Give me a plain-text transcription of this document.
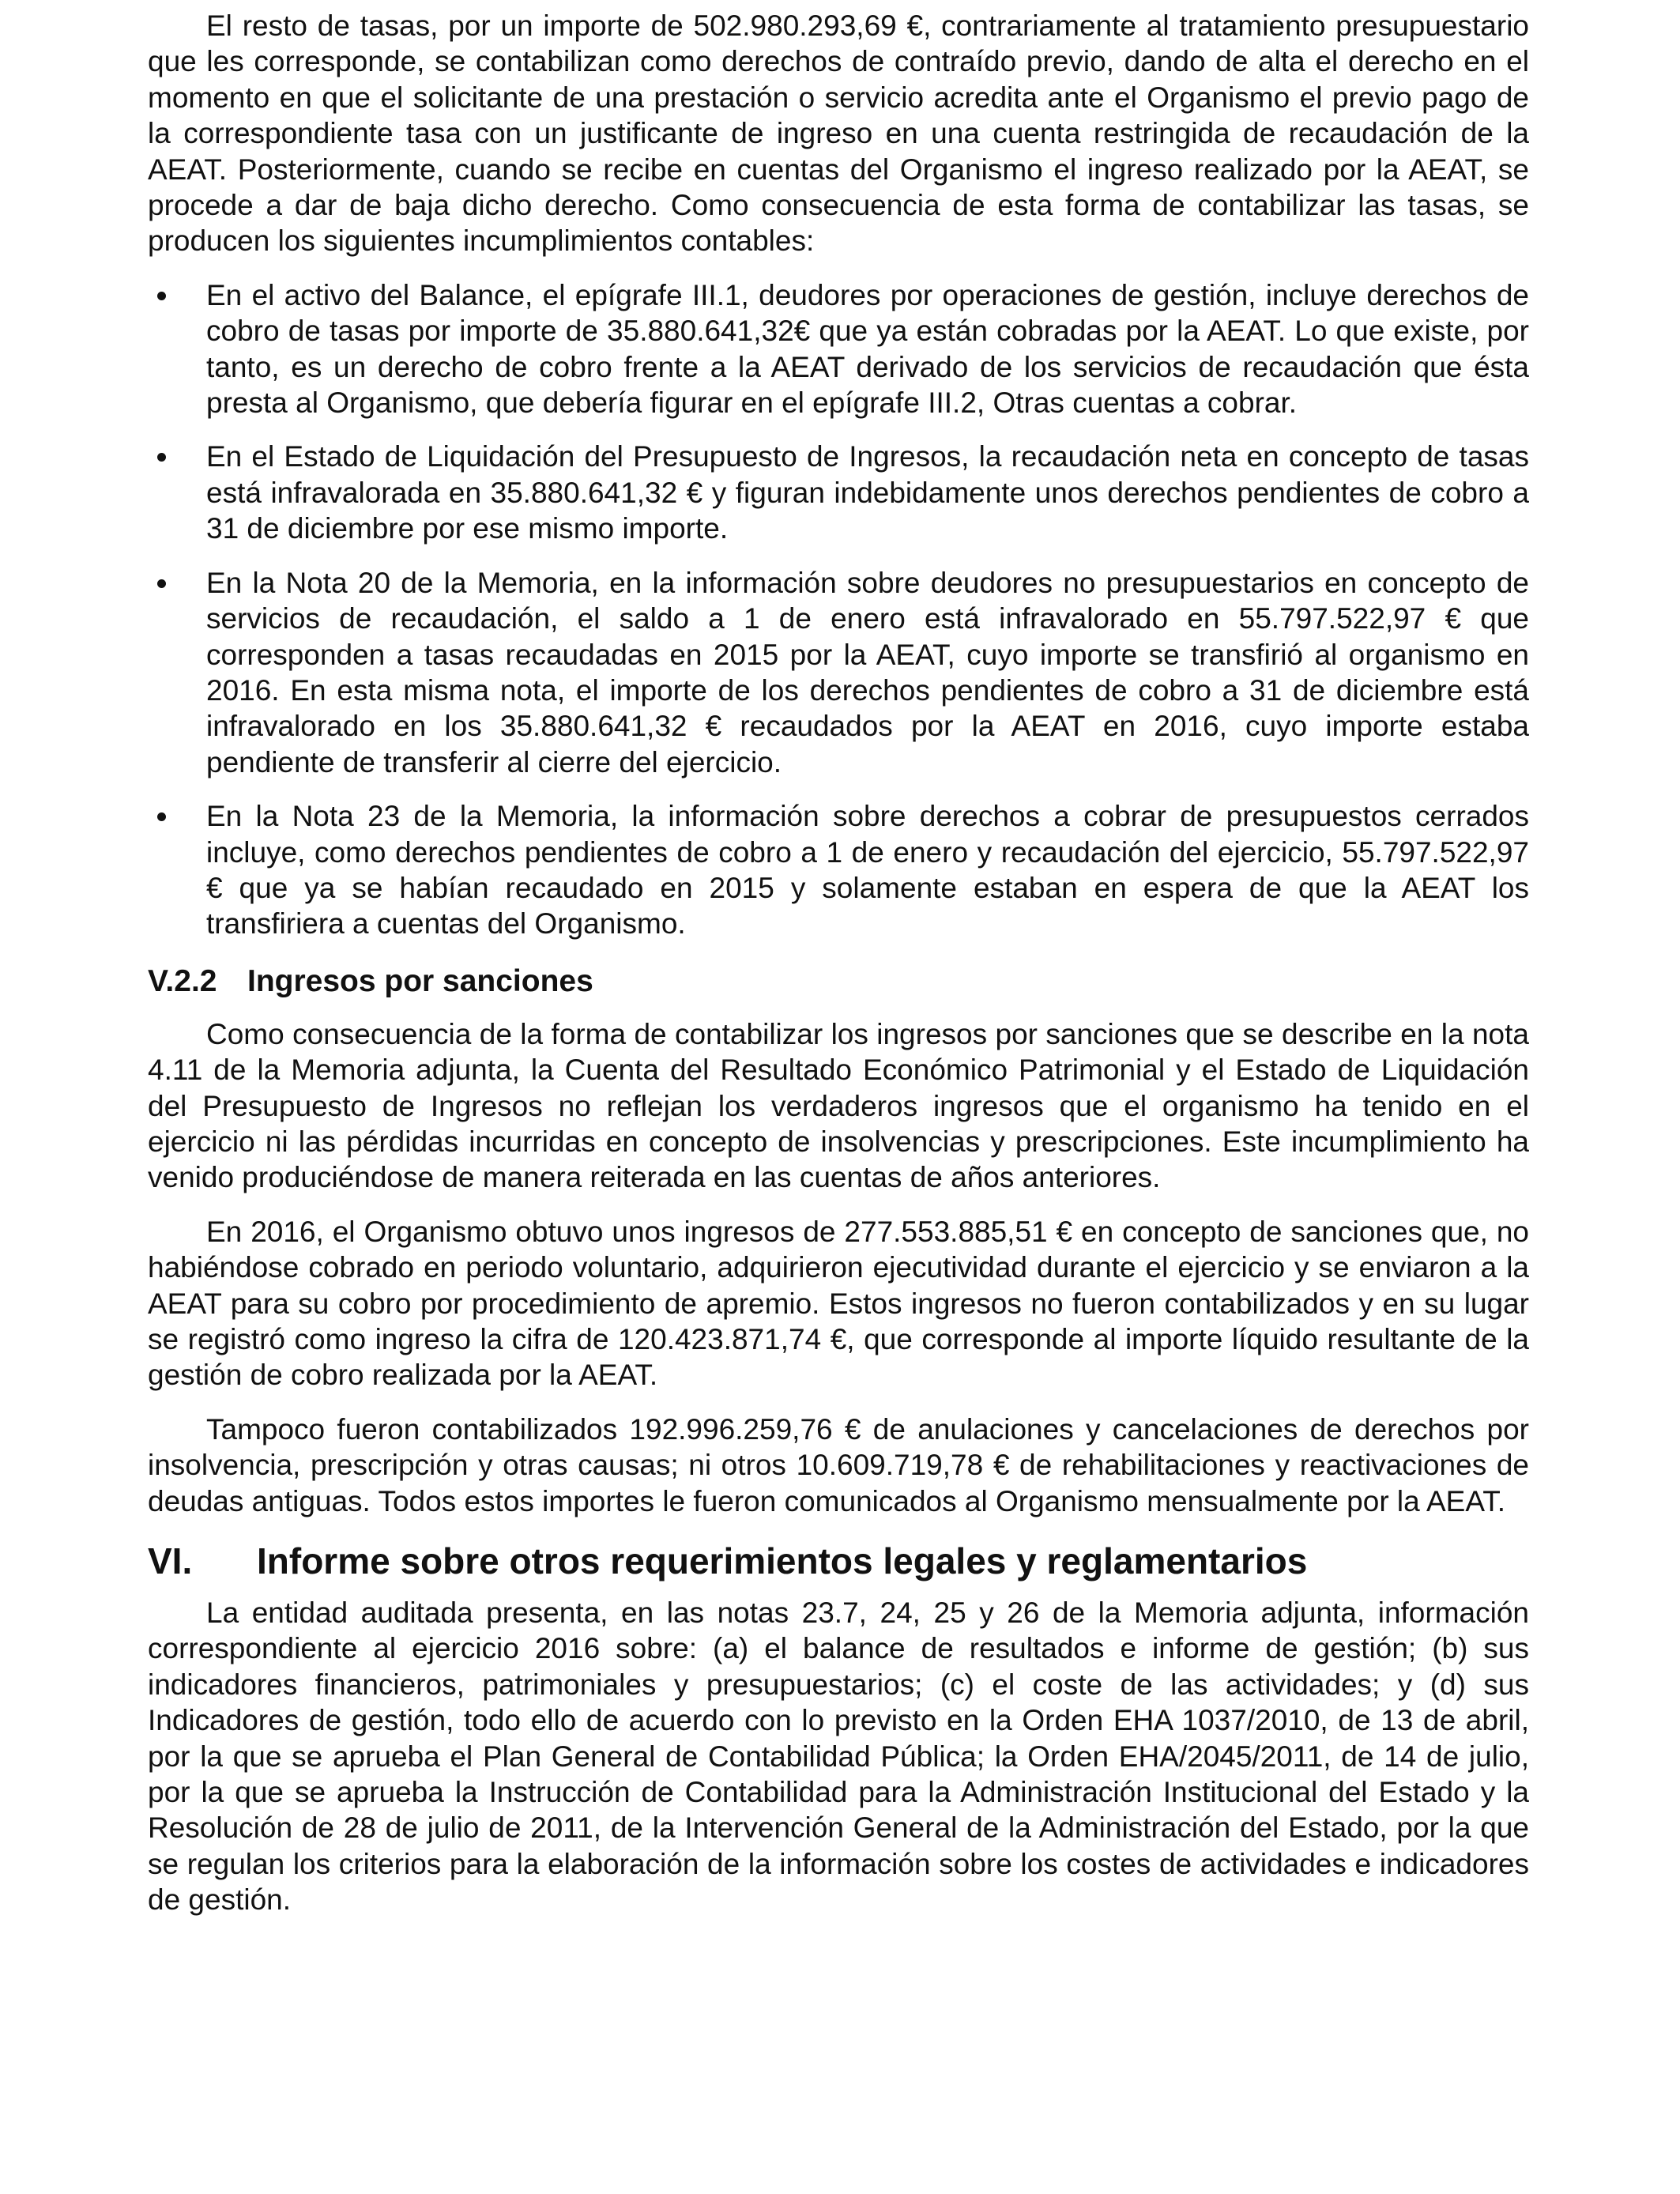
El resto de tasas, por un importe de 502.980.293,69 €, contrariamente al tratamiento presupuestario que les corresponde, se contabilizan como derechos de contraído previo, dando de alta el derecho en el momento en que el solicitante de una prestación o servicio acredita ante el Organismo el previo pago de la correspondiente tasa con un justificante de ingreso en una cuenta restringida de recaudación de la AEAT. Posteriormente, cuando se recibe en cuentas del Organismo el ingreso realizado por la AEAT, se procede a dar de baja dicho derecho. Como consecuencia de esta forma de contabilizar las tasas, se producen los siguientes incumplimientos contables:

En el activo del Balance, el epígrafe III.1, deudores por operaciones de gestión, incluye derechos de cobro de tasas por importe de 35.880.641,32€ que ya están cobradas por la AEAT. Lo que existe, por tanto, es un derecho de cobro frente a la AEAT derivado de los servicios de recaudación que ésta presta al Organismo, que debería figurar en el epígrafe III.2, Otras cuentas a cobrar.
En el Estado de Liquidación del Presupuesto de Ingresos, la recaudación neta en concepto de tasas está infravalorada en 35.880.641,32 € y figuran indebidamente unos derechos pendientes de cobro a 31 de diciembre por ese mismo importe.
En la Nota 20 de la Memoria, en la información sobre deudores no presupuestarios en concepto de servicios de recaudación, el saldo a 1 de enero está infravalorado en 55.797.522,97 € que corresponden a tasas recaudadas en 2015 por la AEAT, cuyo importe se transfirió al organismo en 2016. En esta misma nota, el importe de los derechos pendientes de cobro a 31 de diciembre está infravalorado en los 35.880.641,32 € recaudados por la AEAT en 2016, cuyo importe estaba pendiente de transferir al cierre del ejercicio.
En la Nota 23 de la Memoria, la información sobre derechos a cobrar de presupuestos cerrados incluye, como derechos pendientes de cobro a 1 de enero y recaudación del ejercicio, 55.797.522,97 € que ya se habían recaudado en 2015 y solamente estaban en espera de que la AEAT los transfiriera a cuentas del Organismo.
V.2.2 Ingresos por sanciones

Como consecuencia de la forma de contabilizar los ingresos por sanciones que se describe en la nota 4.11 de la Memoria adjunta, la Cuenta del Resultado Económico Patrimonial y el Estado de Liquidación del Presupuesto de Ingresos no reflejan los verdaderos ingresos que el organismo ha tenido en el ejercicio ni las pérdidas incurridas en concepto de insolvencias y prescripciones. Este incumplimiento ha venido produciéndose de manera reiterada en las cuentas de años anteriores.

En 2016, el Organismo obtuvo unos ingresos de 277.553.885,51 € en concepto de sanciones que, no habiéndose cobrado en periodo voluntario, adquirieron ejecutividad durante el ejercicio y se enviaron a la AEAT para su cobro por procedimiento de apremio. Estos ingresos no fueron contabilizados y en su lugar se registró como ingreso la cifra de 120.423.871,74 €, que corresponde al importe líquido resultante de la gestión de cobro realizada por la AEAT.

Tampoco fueron contabilizados 192.996.259,76 € de anulaciones y cancelaciones de derechos por insolvencia, prescripción y otras causas; ni otros 10.609.719,78 € de rehabilitaciones y reactivaciones de deudas antiguas. Todos estos importes le fueron comunicados al Organismo mensualmente por la AEAT.

VI. Informe sobre otros requerimientos legales y reglamentarios

La entidad auditada presenta, en las notas 23.7, 24, 25 y 26 de la Memoria adjunta, información correspondiente al ejercicio 2016 sobre: (a) el balance de resultados e informe de gestión; (b) sus indicadores financieros, patrimoniales y presupuestarios; (c) el coste de las actividades; y (d) sus Indicadores de gestión, todo ello de acuerdo con lo previsto en la Orden EHA 1037/2010, de 13 de abril, por la que se aprueba el Plan General de Contabilidad Pública; la Orden EHA/2045/2011, de 14 de julio, por la que se aprueba la Instrucción de Contabilidad para la Administración Institucional del Estado y la Resolución de 28 de julio de 2011, de la Intervención General de la Administración del Estado, por la que se regulan los criterios para la elaboración de la información sobre los costes de actividades e indicadores de gestión.
